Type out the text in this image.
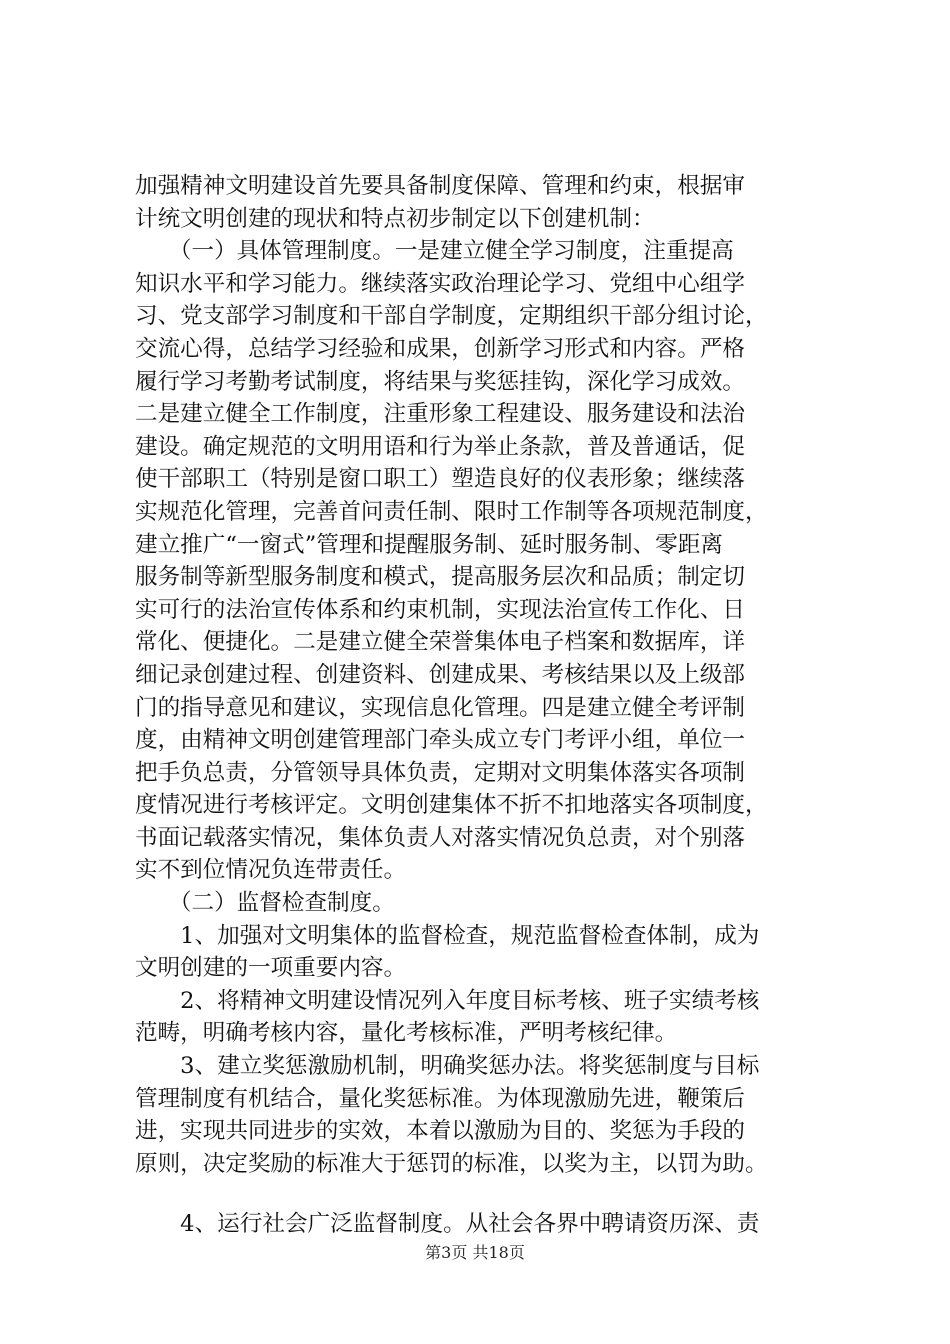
加强精神文明建设首先要具备制度保障、管理和约束，根据审
计统文明创建的现状和特点初步制定以下创建机制：
　　（一）具体管理制度。一是建立健全学习制度，注重提高
知识水平和学习能力。继续落实政治理论学习、党组中心组学
习、党支部学习制度和干部自学制度，定期组织干部分组讨论，
交流心得，总结学习经验和成果，创新学习形式和内容。严格
履行学习考勤考试制度，将结果与奖惩挂钩，深化学习成效。
二是建立健全工作制度，注重形象工程建设、服务建设和法治
建设。确定规范的文明用语和行为举止条款，普及普通话，促
使干部职工（特别是窗口职工）塑造良好的仪表形象；继续落
实规范化管理，完善首问责任制、限时工作制等各项规范制度，
建立推广“一窗式”管理和提醒服务制、延时服务制、零距离
服务制等新型服务制度和模式，提高服务层次和品质；制定切
实可行的法治宣传体系和约束机制，实现法治宣传工作化、日
常化、便捷化。二是建立健全荣誉集体电子档案和数据库，详
细记录创建过程、创建资料、创建成果、考核结果以及上级部
门的指导意见和建议，实现信息化管理。四是建立健全考评制
度，由精神文明创建管理部门牵头成立专门考评小组，单位一
把手负总责，分管领导具体负责，定期对文明集体落实各项制
度情况进行考核评定。文明创建集体不折不扣地落实各项制度，
书面记载落实情况，集体负责人对落实情况负总责，对个别落
实不到位情况负连带责任。
　　（二）监督检查制度。
　　1、加强对文明集体的监督检查，规范监督检查体制，成为
文明创建的一项重要内容。
　　2、将精神文明建设情况列入年度目标考核、班子实绩考核
范畴，明确考核内容，量化考核标准，严明考核纪律。
　　3、建立奖惩激励机制，明确奖惩办法。将奖惩制度与目标
管理制度有机结合，量化奖惩标准。为体现激励先进，鞭策后
进，实现共同进步的实效，本着以激励为目的、奖惩为手段的
原则，决定奖励的标准大于惩罚的标准，以奖为主，以罚为助。
　　4、运行社会广泛监督制度。从社会各界中聘请资历深、责
第3页 共18页
